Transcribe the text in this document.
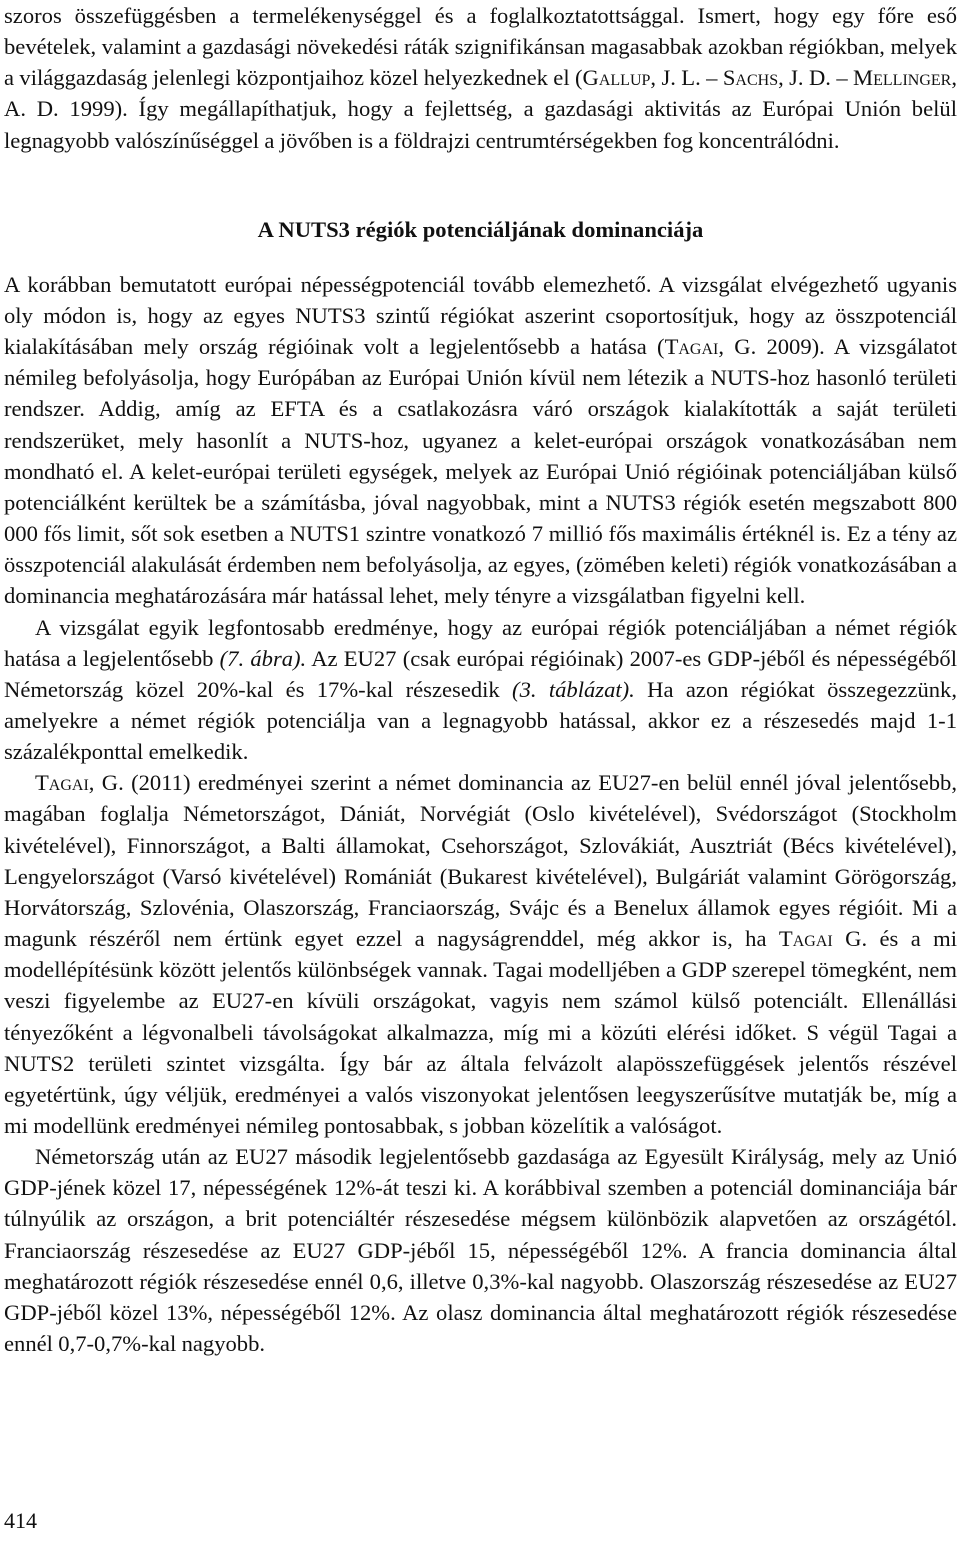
szoros összefüggésben a termelékenységgel és a foglalkoztatottsággal. Ismert, hogy egy főre eső bevételek, valamint a gazdasági növekedési ráták szignifikánsan magasabbak azokban régiókban, melyek a világgazdaság jelenlegi központjaihoz közel helyezkednek el (Gallup, J. L. – Sachs, J. D. – Mellinger, A. D. 1999). Így megállapíthatjuk, hogy a fejlettség, a gazdasági aktivitás az Európai Unión belül legnagyobb valószínűséggel a jövőben is a földrajzi centrumtérségekben fog koncentrálódni.

A NUTS3 régiók potenciáljának dominanciája

A korábban bemutatott európai népességpotenciál tovább elemezhető. A vizsgálat elvégezhető ugyanis oly módon is, hogy az egyes NUTS3 szintű régiókat aszerint csoportosítjuk, hogy az összpotenciál kialakításában mely ország régióinak volt a legjelentősebb a hatása (Tagai, G. 2009). A vizsgálatot némileg befolyásolja, hogy Európában az Európai Unión kívül nem létezik a NUTS-hoz hasonló területi rendszer. Addig, amíg az EFTA és a csatlakozásra váró országok kialakították a saját területi rendszerüket, mely hasonlít a NUTS-hoz, ugyanez a kelet-európai országok vonatkozásában nem mondható el. A kelet-európai területi egységek, melyek az Európai Unió régióinak potenciáljában külső potenciálként kerültek be a számításba, jóval nagyobbak, mint a NUTS3 régiók esetén megszabott 800 000 fős limit, sőt sok esetben a NUTS1 szintre vonatkozó 7 millió fős maximális értéknél is. Ez a tény az összpotenciál alakulását érdemben nem befolyásolja, az egyes, (zömében keleti) régiók vonatkozásában a dominancia meghatározására már hatással lehet, mely tényre a vizsgálatban figyelni kell.

A vizsgálat egyik legfontosabb eredménye, hogy az európai régiók potenciáljában a német régiók hatása a legjelentősebb (7. ábra). Az EU27 (csak európai régióinak) 2007-es GDP-jéből és népességéből Németország közel 20%-kal és 17%-kal részesedik (3. táblázat). Ha azon régiókat összegezzünk, amelyekre a német régiók potenciálja van a legnagyobb hatással, akkor ez a részesedés majd 1-1 százalékponttal emelkedik.

Tagai, G. (2011) eredményei szerint a német dominancia az EU27-en belül ennél jóval jelentősebb, magában foglalja Németországot, Dániát, Norvégiát (Oslo kivételével), Svédországot (Stockholm kivételével), Finnországot, a Balti államokat, Csehországot, Szlovákiát, Ausztriát (Bécs kivételével), Lengyelországot (Varsó kivételével) Romániát (Bukarest kivételével), Bulgáriát valamint Görögország, Horvátország, Szlovénia, Olaszország, Franciaország, Svájc és a Benelux államok egyes régióit. Mi a magunk részéről nem értünk egyet ezzel a nagyságrenddel, még akkor is, ha Tagai G. és a mi modellépítésünk között jelentős különbségek vannak. Tagai modelljében a GDP szerepel tömegként, nem veszi figyelembe az EU27-en kívüli országokat, vagyis nem számol külső potenciált. Ellenállási tényezőként a légvonalbeli távolságokat alkalmazza, míg mi a közúti elérési időket. S végül Tagai a NUTS2 területi szintet vizsgálta. Így bár az általa felvázolt alapösszefüggések jelentős részével egyetértünk, úgy véljük, eredményei a valós viszonyokat jelentősen leegyszerűsítve mutatják be, míg a mi modellünk eredményei némileg pontosabbak, s jobban közelítik a valóságot.

Németország után az EU27 második legjelentősebb gazdasága az Egyesült Királyság, mely az Unió GDP-jének közel 17, népességének 12%-át teszi ki. A korábbival szemben a potenciál dominanciája bár túlnyúlik az országon, a brit potenciáltér részesedése mégsem különbözik alapvetően az országétól. Franciaország részesedése az EU27 GDP-jéből 15, népességéből 12%. A francia dominancia által meghatározott régiók részesedése ennél 0,6, illetve 0,3%-kal nagyobb. Olaszország részesedése az EU27 GDP-jéből közel 13%, népességéből 12%. Az olasz dominancia által meghatározott régiók részesedése ennél 0,7-0,7%-kal nagyobb.

414
